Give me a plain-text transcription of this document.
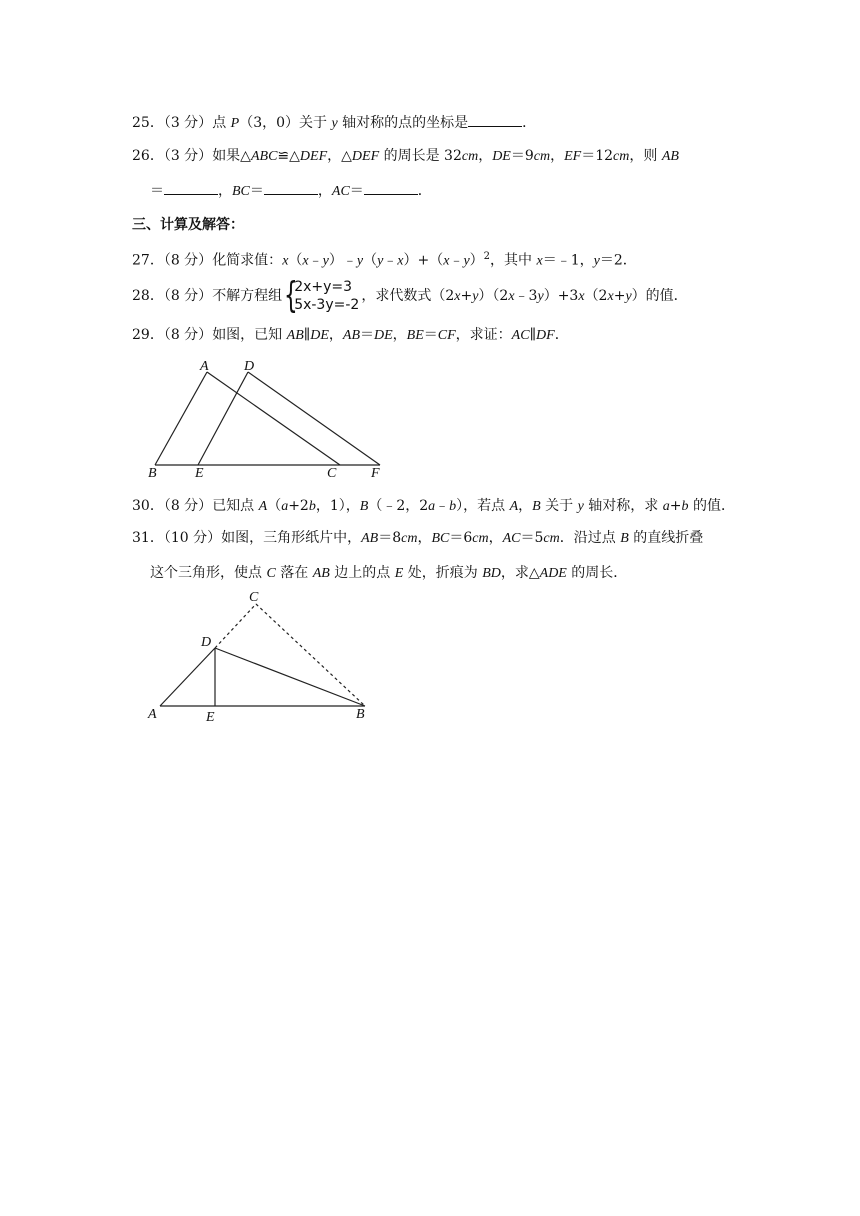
25．（3 分）点 P（3，0）关于 y 轴对称的点的坐标是	．
26．（3 分）如果△ABC≌△DEF，△DEF 的周长是 32cm，DE＝9cm，EF＝12cm，则 AB
＝	，BC＝	，AC＝	．
三、计算及解答：
27．（8 分）化简求值：x（x﹣y）﹣y（y﹣x）+（x﹣y）$^2$，其中 x＝﹣1，y＝2．
28．（8 分）不解方程组 {
2x+y=3
5x-3y=-2
，求代数式（2x+y）（2x﹣3y）+3x（2x+y）的值．
29．（8 分）如图，已知 AB∥DE，AB＝DE，BE＝CF，求证：AC∥DF．
A	D
B	E	C F
30．（8 分）已知点 A（a+2b，1），B（﹣2，2a﹣b），若点 A，B 关于 y 轴对称，求 a+b 的值．
31．（10 分）如图，三角形纸片中，AB＝8cm，BC＝6cm，AC＝5cm．沿过点 B 的直线折叠
这个三角形，使点 C 落在 AB 边上的点 E 处，折痕为 BD，求△ADE 的周长．
C
D
A	E	B
